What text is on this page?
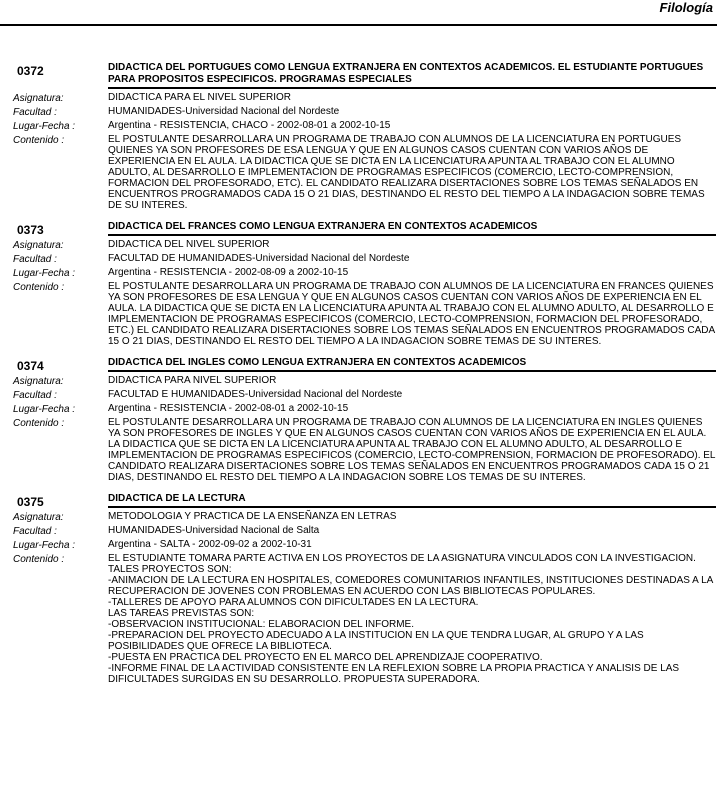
Filología
0372	DIDACTICA DEL PORTUGUES COMO LENGUA EXTRANJERA EN CONTEXTOS ACADEMICOS. EL ESTUDIANTE PORTUGUES PARA PROPOSITOS ESPECIFICOS. PROGRAMAS ESPECIALES
Asignatura:	DIDACTICA PARA EL NIVEL SUPERIOR
Facultad :	HUMANIDADES-Universidad Nacional del Nordeste
Lugar-Fecha :	Argentina - RESISTENCIA, CHACO - 2002-08-01 a 2002-10-15
Contenido :	EL POSTULANTE DESARROLLARA UN PROGRAMA DE TRABAJO CON ALUMNOS DE LA LICENCIATURA EN PORTUGUES QUIENES YA SON PROFESORES DE ESA LENGUA Y QUE EN ALGUNOS CASOS CUENTAN CON VARIOS AÑOS DE EXPERIENCIA EN EL AULA. LA DIDACTICA QUE SE DICTA EN LA LICENCIATURA APUNTA AL TRABAJO CON EL ALUMNO ADULTO, AL DESARROLLO E IMPLEMENTACION DE PROGRAMAS ESPECIFICOS (COMERCIO, LECTO-COMPRENSION, FORMACION DEL PROFESORADO, ETC). EL CANDIDATO REALIZARA DISERTACIONES SOBRE LOS TEMAS SEÑALADOS EN ENCUENTROS PROGRAMADOS CADA 15 O 21 DIAS, DESTINANDO EL RESTO DEL TIEMPO A LA INDAGACION SOBRE TEMAS DE SU INTERES.
0373	DIDACTICA DEL FRANCES COMO LENGUA EXTRANJERA EN CONTEXTOS ACADEMICOS
Asignatura:	DIDACTICA DEL NIVEL SUPERIOR
Facultad :	FACULTAD DE HUMANIDADES-Universidad Nacional del Nordeste
Lugar-Fecha :	Argentina - RESISTENCIA - 2002-08-09 a 2002-10-15
Contenido :	EL POSTULANTE DESARROLLARA UN PROGRAMA DE TRABAJO CON ALUMNOS DE LA LICENCIATURA EN FRANCES QUIENES YA SON PROFESORES DE ESA LENGUA Y QUE EN ALGUNOS CASOS CUENTAN CON VARIOS AÑOS DE EXPERIENCIA EN EL AULA. LA DIDACTICA QUE SE DICTA EN LA LICENCIATURA APUNTA AL TRABAJO CON EL ALUMNO ADULTO, AL DESARROLLO E IMPLEMENTACION DE PROGRAMAS ESPECIFICOS (COMERCIO, LECTO-COMPRENSION, FORMACION DEL PROFESORADO, ETC.) EL CANDIDATO REALIZARA DISERTACIONES SOBRE LOS TEMAS SEÑALADOS EN ENCUENTROS PROGRAMADOS CADA 15 O 21 DIAS, DESTINANDO EL RESTO DEL TIEMPO A LA INDAGACION SOBRE TEMAS DE SU INTERES.
0374	DIDACTICA DEL INGLES COMO LENGUA EXTRANJERA EN CONTEXTOS ACADEMICOS
Asignatura:	DIDACTICA PARA NIVEL SUPERIOR
Facultad :	FACULTAD E HUMANIDADES-Universidad Nacional del Nordeste
Lugar-Fecha :	Argentina - RESISTENCIA - 2002-08-01 a 2002-10-15
Contenido :	EL POSTULANTE DESARROLLARA UN PROGRAMA DE TRABAJO CON ALUMNOS DE LA LICENCIATURA EN INGLES QUIENES YA SON PROFESORES DE INGLES Y QUE EN ALGUNOS CASOS CUENTAN CON VARIOS AÑOS DE EXPERIENCIA EN EL AULA. LA DIDACTICA QUE SE DICTA EN LA LICENCIATURA APUNTA AL TRABAJO CON EL ALUMNO ADULTO, AL DESARROLLO E IMPLEMENTACION DE PROGRAMAS ESPECIFICOS (COMERCIO, LECTO-COMPRENSION, FORMACION DE PROFESORADO). EL CANDIDATO REALIZARA DISERTACIONES SOBRE LOS TEMAS SEÑALADOS EN ENCUENTROS PROGRAMADOS CADA 15 O 21 DIAS, DESTINANDO EL RESTO DEL TIEMPO A LA INDAGACION SOBRE LOS TEMAS DE SU INTERES.
0375	DIDACTICA DE LA LECTURA
Asignatura:	METODOLOGIA Y PRACTICA DE LA ENSEÑANZA EN LETRAS
Facultad :	HUMANIDADES-Universidad Nacional de Salta
Lugar-Fecha :	Argentina - SALTA - 2002-09-02 a 2002-10-31
Contenido :	EL ESTUDIANTE TOMARA PARTE ACTIVA EN LOS PROYECTOS DE LA ASIGNATURA VINCULADOS CON LA INVESTIGACION. TALES PROYECTOS SON:
-ANIMACION DE LA LECTURA EN HOSPITALES, COMEDORES COMUNITARIOS INFANTILES, INSTITUCIONES DESTINADAS A LA RECUPERACION DE JOVENES CON PROBLEMAS EN ACUERDO CON LAS BIBLIOTECAS POPULARES.
-TALLERES DE APOYO PARA ALUMNOS CON DIFICULTADES EN LA LECTURA.
LAS TAREAS PREVISTAS SON:
-OBSERVACION INSTITUCIONAL: ELABORACION DEL INFORME.
-PREPARACION DEL PROYECTO ADECUADO A LA INSTITUCION EN LA QUE TENDRA LUGAR, AL GRUPO Y A LAS POSIBILIDADES QUE OFRECE LA BIBLIOTECA.
-PUESTA EN PRACTICA DEL PROYECTO EN EL MARCO DEL APRENDIZAJE COOPERATIVO.
-INFORME FINAL DE LA ACTIVIDAD CONSISTENTE EN LA REFLEXION SOBRE LA PROPIA PRACTICA Y ANALISIS DE LAS DIFICULTADES SURGIDAS EN SU DESARROLLO. PROPUESTA SUPERADORA.
